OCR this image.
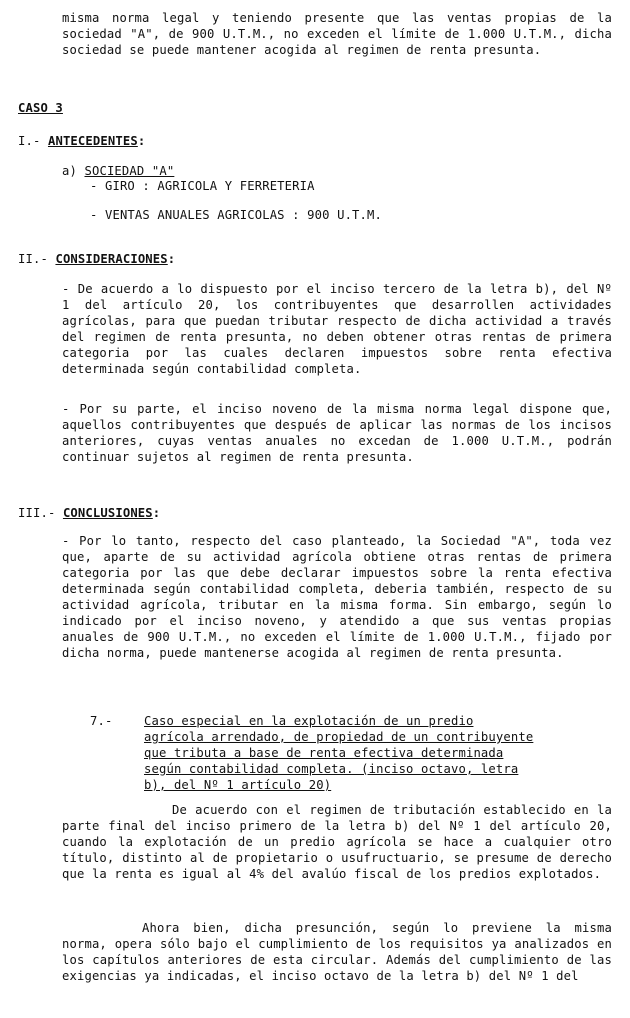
misma norma legal y teniendo presente que las ventas propias de la sociedad "A", de 900 U.T.M., no exceden el límite de 1.000 U.T.M., dicha sociedad se puede mantener acogida al regimen de renta presunta.

CASO 3
I.- ANTECEDENTES:
a) SOCIEDAD "A"
- GIRO : AGRICOLA Y FERRETERIA
- VENTAS ANUALES AGRICOLAS : 900 U.T.M.
II.- CONSIDERACIONES:

- De acuerdo a lo dispuesto por el inciso tercero de la letra b), del Nº 1 del artículo 20, los contribuyentes que desarrollen actividades agrícolas, para que puedan tributar respecto de dicha actividad a través del regimen de renta presunta, no deben obtener otras rentas de primera categoria por las cuales declaren impuestos sobre renta efectiva determinada según contabilidad completa.

- Por su parte, el inciso noveno de la misma norma legal dispone que, aquellos contribuyentes que después de aplicar las normas de los incisos anteriores, cuyas ventas anuales no excedan de 1.000 U.T.M., podrán continuar sujetos al regimen de renta presunta.

III.- CONCLUSIONES:

- Por lo tanto, respecto del caso planteado, la Sociedad "A", toda vez que, aparte de su actividad agrícola obtiene otras rentas de primera categoria por las que debe declarar impuestos sobre la renta efectiva determinada según contabilidad completa, deberia también, respecto de su actividad agrícola, tributar en la misma forma. Sin embargo, según lo indicado por el inciso noveno, y atendido a que sus ventas propias anuales de 900 U.T.M., no exceden el límite de 1.000 U.T.M., fijado por dicha norma, puede mantenerse acogida al regimen de renta presunta.

7.-	Caso especial en la explotación de un predio
agrícola arrendado, de propiedad de un contribuyente
que tributa a base de renta efectiva determinada
según contabilidad completa. (inciso octavo, letra
b), del Nº 1 artículo 20)

De acuerdo con el regimen de tributación establecido en la parte final del inciso primero de la letra b) del Nº 1 del artículo 20, cuando la explotación de un predio agrícola se hace a cualquier otro título, distinto al de propietario o usufructuario, se presume de derecho que la renta es igual al 4% del avalúo fiscal de los predios explotados.

Ahora bien, dicha presunción, según lo previene la misma norma, opera sólo bajo el cumplimiento de los requisitos ya analizados en los capítulos anteriores de esta circular. Además del cumplimiento de las exigencias ya indicadas, el inciso octavo de la letra b) del Nº 1 del
